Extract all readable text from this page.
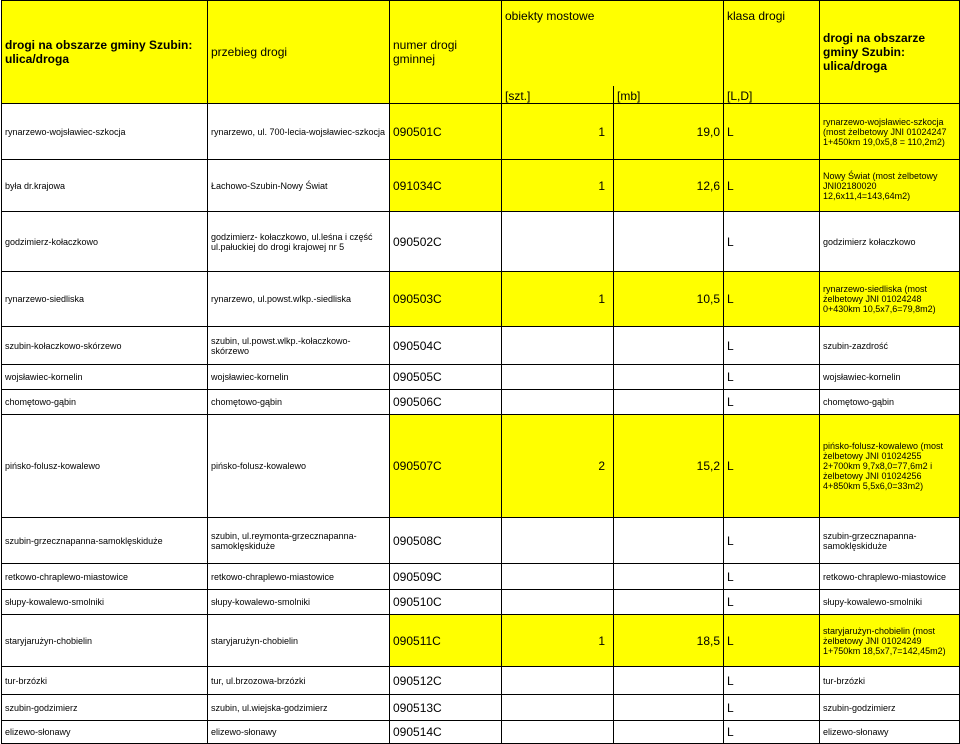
drogi na obszarze gminy Szubin: ulica/droga	przebieg drogi	numer drogi gminnej	obiekty mostowe		klasa drogi	drogi na obszarze gminy Szubin: ulica/droga
			[szt.]	[mb]	[L,D]	
rynarzewo-wojsławiec-szkocja	rynarzewo, ul. 700-lecia-wojsławiec-szkocja	090501C	1	19,0	L	rynarzewo-wojsławiec-szkocja (most żelbetowy JNI 01024247 1+450km 19,0x5,8 = 110,2m2)
była dr.krajowa	Łachowo-Szubin-Nowy Świat	091034C	1	12,6	L	Nowy Świat (most żelbetowy JNI02180020 12,6x11,4=143,64m2)
godzimierz-kołaczkowo	godzimierz- kołaczkowo, ul.leśna i część ul.pałuckiej do drogi krajowej nr 5	090502C			L	godzimierz kołaczkowo
rynarzewo-siedliska	rynarzewo, ul.powst.wlkp.-siedliska	090503C	1	10,5	L	rynarzewo-siedliska (most żelbetowy JNI 01024248 0+430km 10,5x7,6=79,8m2)
szubin-kołaczkowo-skórzewo	szubin, ul.powst.wlkp.-kołaczkowo-skórzewo	090504C			L	szubin-zazdrość
wojsławiec-kornelin	wojsławiec-kornelin	090505C			L	wojsławiec-kornelin
chomętowo-gąbin	chomętowo-gąbin	090506C			L	chomętowo-gąbin
pińsko-folusz-kowalewo	pińsko-folusz-kowalewo	090507C	2	15,2	L	pińsko-folusz-kowalewo (most żelbetowy JNI 01024255 2+700km 9,7x8,0=77,6m2 i żelbetowy JNI 01024256 4+850km 5,5x6,0=33m2)
szubin-grzecznapanna-samoklęskiduże	szubin, ul.reymonta-grzecznapanna-samoklęskiduże	090508C			L	szubin-grzecznapanna-samoklęskiduże
retkowo-chraplewo-miastowice	retkowo-chraplewo-miastowice	090509C			L	retkowo-chraplewo-miastowice
słupy-kowalewo-smolniki	słupy-kowalewo-smolniki	090510C			L	słupy-kowalewo-smolniki
staryjarużyn-chobielin	staryjarużyn-chobielin	090511C	1	18,5	L	staryjarużyn-chobielin (most żelbetowy JNI 01024249 1+750km 18,5x7,7=142,45m2)
tur-brzózki	tur, ul.brzozowa-brzózki	090512C			L	tur-brzózki
szubin-godzimierz	szubin, ul.wiejska-godzimierz	090513C			L	szubin-godzimierz
elizewo-słonawy	elizewo-słonawy	090514C			L	elizewo-słonawy
